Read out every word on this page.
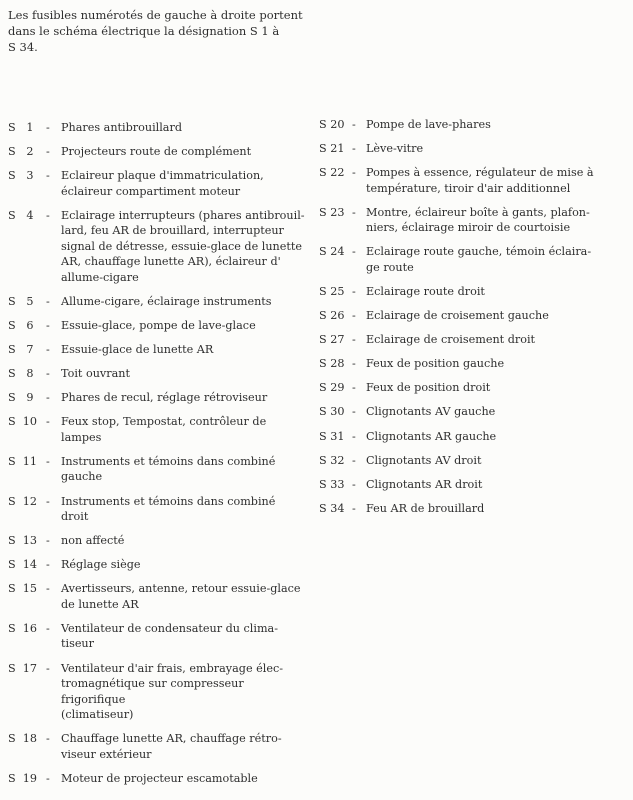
Les fusibles numérotés de gauche à droite portent
dans le schéma électrique la désignation S 1 à
S 34.

S   1	-	Phares antibrouillard
S   2	-	Projecteurs route de complément
S   3	-	Eclaireur plaque d'immatriculation,
éclaireur compartiment moteur
S   4	-	Eclairage interrupteurs (phares antibrouil-
lard, feu AR de brouillard, interrupteur
signal de détresse, essuie-glace de lunette
AR, chauffage lunette AR), éclaireur d'
allume-cigare
S   5	-	Allume-cigare, éclairage instruments
S   6	-	Essuie-glace, pompe de lave-glace
S   7	-	Essuie-glace de lunette AR
S   8	-	Toit ouvrant
S   9	-	Phares de recul, réglage rétroviseur
S  10 -	Feux stop, Tempostat, contrôleur de
lampes
S  11 -	Instruments et témoins dans combiné
gauche
S  12 -	Instruments et témoins dans combiné
droit
S  13 -	non affecté
S  14 -	Réglage siège
S  15 -	Avertisseurs, antenne, retour essuie-glace
de lunette AR
S  16 -	Ventilateur de condensateur du clima-
tiseur
S  17 -	Ventilateur d'air frais, embrayage élec-
tromagnétique sur compresseur frigorifique
(climatiseur)
S  18 -	Chauffage lunette AR, chauffage rétro-
viseur extérieur
S  19 -	Moteur de projecteur escamotable
S 20 - Pompe de lave-phares
S 21 - Lève-vitre
S 22 - Pompes à essence, régulateur de mise à
température, tiroir d'air additionnel
S 23 - Montre, éclaireur boîte à gants, plafon-
niers, éclairage miroir de courtoisie
S 24 - Eclairage route gauche, témoin éclaira-
ge route
S 25 - Eclairage route droit
S 26 - Eclairage de croisement gauche
S 27 - Eclairage de croisement droit
S 28 - Feux de position gauche
S 29 - Feux de position droit
S 30 - Clignotants AV gauche
S 31 - Clignotants AR gauche
S 32 - Clignotants AV droit
S 33 - Clignotants AR droit
S 34 - Feu AR de brouillard
